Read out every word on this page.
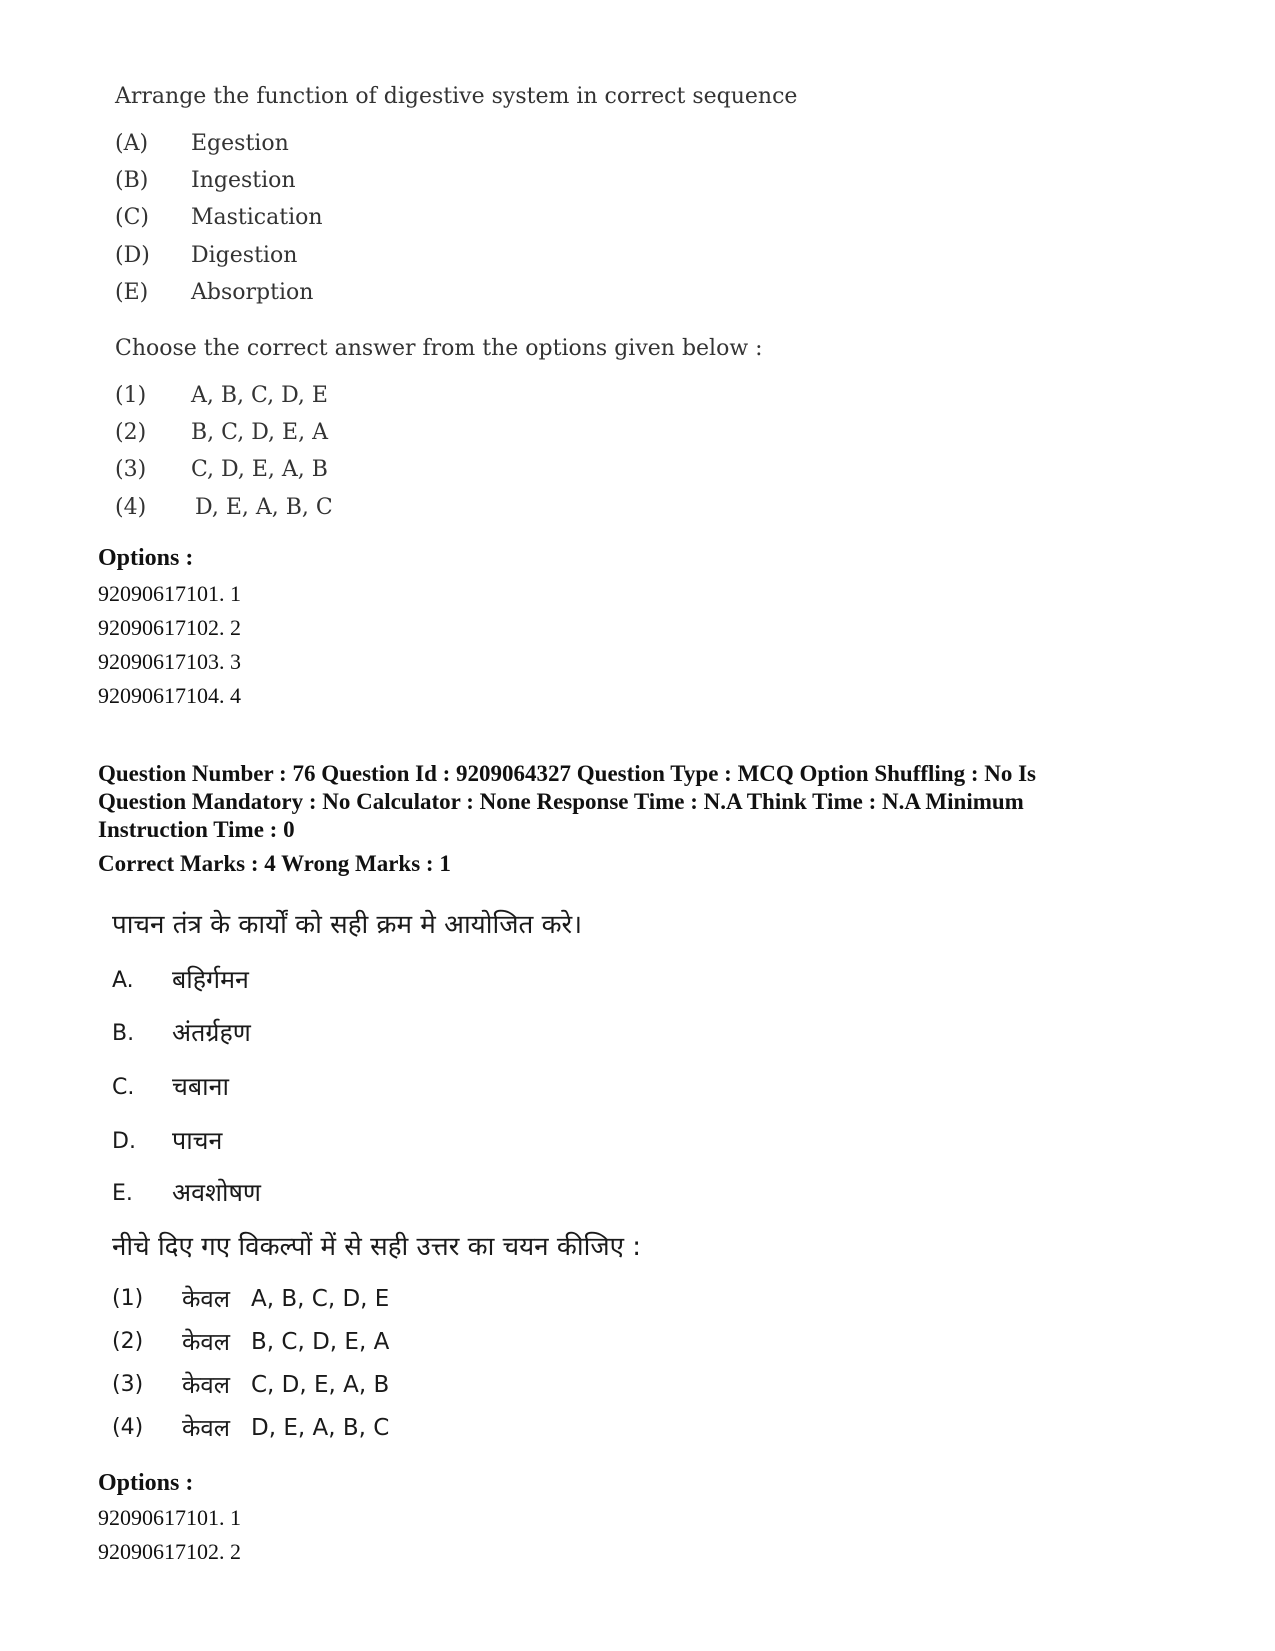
Arrange the function of digestive system in correct sequence
(A) Egestion
(B) Ingestion
(C) Mastication
(D) Digestion
(E) Absorption
Choose the correct answer from the options given below :
(1) A, B, C, D, E
(2) B, C, D, E, A
(3) C, D, E, A, B
(4) D, E, A, B, C
Options :
92090617101. 1
92090617102. 2
92090617103. 3
92090617104. 4
Question Number : 76 Question Id : 9209064327 Question Type : MCQ Option Shuffling : No Is
Question Mandatory : No Calculator : None Response Time : N.A Think Time : N.A Minimum
Instruction Time : 0
Correct Marks : 4 Wrong Marks : 1
पाचन तंत्र के कार्यों को सही क्रम मे आयोजित करे।
A. बहिर्गमन
B. अंतर्ग्रहण
C. चबाना
D. पाचन
E. अवशोषण
नीचे दिए गए विकल्पों में से सही उत्तर का चयन कीजिए :
(1) केवल A, B, C, D, E
(2) केवल B, C, D, E, A
(3) केवल C, D, E, A, B
(4) केवल D, E, A, B, C
Options :
92090617101. 1
92090617102. 2
